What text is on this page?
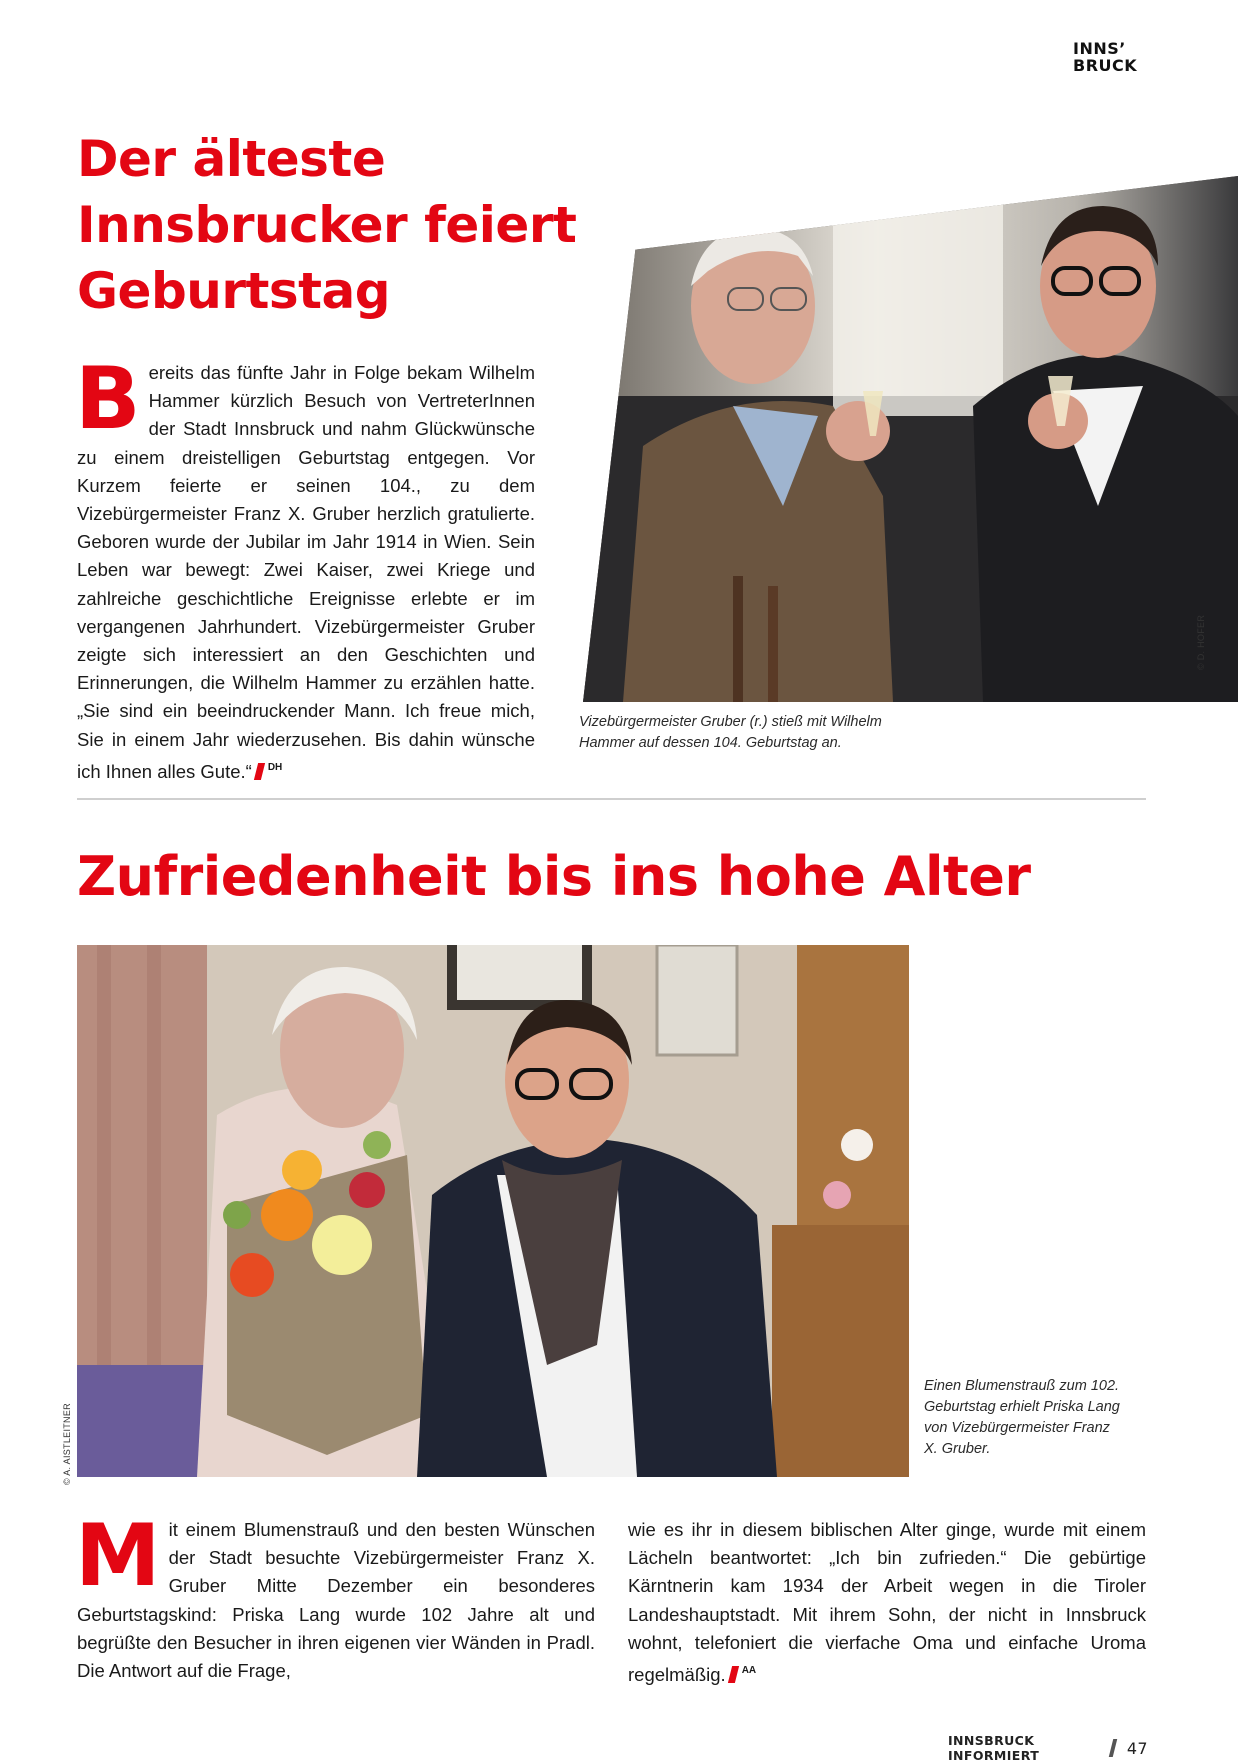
INNS’
BRUCK
Der älteste Innsbrucker feiert Geburtstag

Bereits das fünfte Jahr in Folge bekam Wilhelm Hammer kürzlich Besuch von VertreterInnen der Stadt Innsbruck und nahm Glückwünsche zu einem dreistelligen Geburtstag entgegen. Vor Kurzem feierte er seinen 104., zu dem Vizebürgermeister Franz X. Gruber herzlich gratulierte. Geboren wurde der Jubilar im Jahr 1914 in Wien. Sein Leben war bewegt: Zwei Kaiser, zwei Kriege und zahlreiche geschichtliche Ereignisse erlebte er im vergangenen Jahrhundert. Vizebürgermeister Gruber zeigte sich interessiert an den Geschichten und Erinnerungen, die Wilhelm Hammer zu erzählen hatte. „Sie sind ein beeindruckender Mann. Ich freue mich, Sie in einem Jahr wiederzusehen. Bis dahin wünsche ich Ihnen alles Gute.“ $^{DH}$

© D. HOFER

Vizebürgermeister Gruber (r.) stieß mit Wilhelm Hammer auf dessen 104. Geburtstag an.

Zufriedenheit bis ins hohe Alter
© A. AISTLEITNER

Einen Blumenstrauß zum 102. Geburtstag erhielt Priska Lang von Vizebürgermeister Franz X. Gruber.

Mit einem Blumenstrauß und den besten Wünschen der Stadt besuchte Vizebürgermeister Franz X. Gruber Mitte Dezember ein besonderes Geburtstagskind: Priska Lang wurde 102 Jahre alt und begrüßte den Besucher in ihren eigenen vier Wänden in Pradl. Die Antwort auf die Frage,

wie es ihr in diesem biblischen Alter ginge, wurde mit einem Lächeln beantwortet: „Ich bin zufrieden.“ Die gebürtige Kärntnerin kam 1934 der Arbeit wegen in die Tiroler Landeshauptstadt. Mit ihrem Sohn, der nicht in Innsbruck wohnt, telefoniert die vierfache Oma und einfache Uroma regelmäßig. $^{AA}$

INNSBRUCK INFORMIERT	47
